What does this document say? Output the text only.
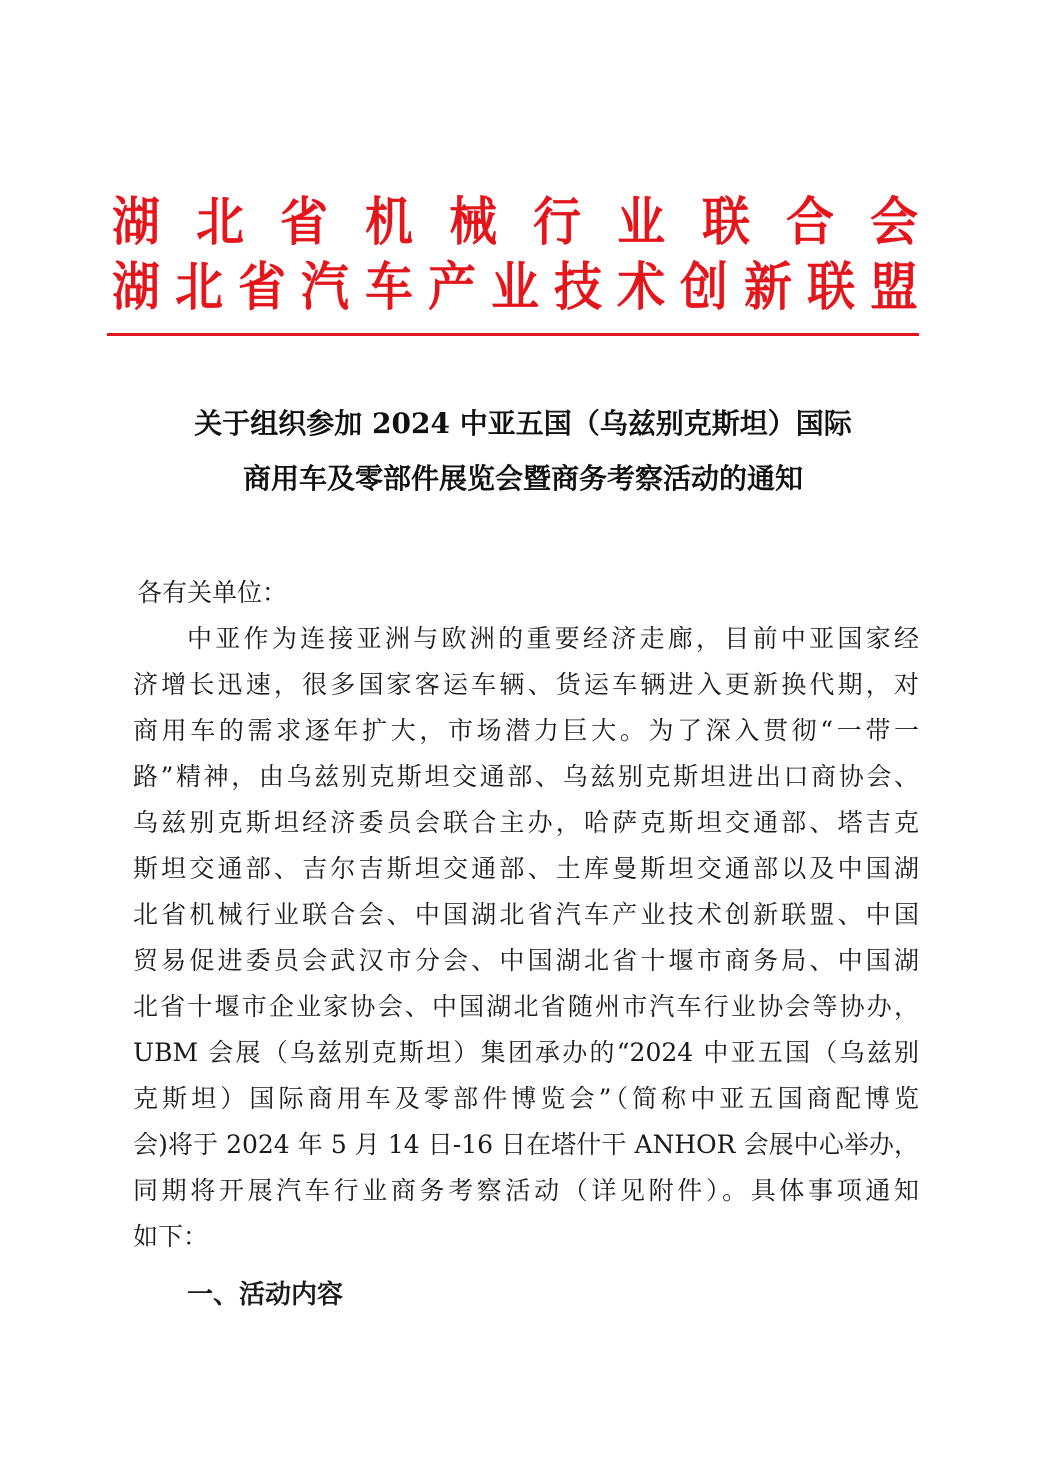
湖 北 省 机 械 行 业 联 合 会
湖 北 省 汽 车 产 业 技 术 创 新 联 盟
关于组织参加 2024 中亚五国（乌兹别克斯坦）国际
商用车及零部件展览会暨商务考察活动的通知
各有关单位：
中亚作为连接亚洲与欧洲的重要经济走廊，目前中亚国家经
济增长迅速，很多国家客运车辆、货运车辆进入更新换代期，对
商用车的需求逐年扩大，市场潜力巨大。为了深入贯彻“一带一
路”精神，由乌兹别克斯坦交通部、乌兹别克斯坦进出口商协会、
乌兹别克斯坦经济委员会联合主办，哈萨克斯坦交通部、塔吉克
斯坦交通部、吉尔吉斯坦交通部、土库曼斯坦交通部以及中国湖
北省机械行业联合会、中国湖北省汽车产业技术创新联盟、中国
贸易促进委员会武汉市分会、中国湖北省十堰市商务局、中国湖
北省十堰市企业家协会、中国湖北省随州市汽车行业协会等协办，
UBM 会展（乌兹别克斯坦）集团承办的“2024 中亚五国（乌兹别
克斯坦）国际商用车及零部件博览会”（简称中亚五国商配博览
会)将于 2024 年 5 月 14 日-16 日在塔什干 ANHOR 会展中心举办，
同期将开展汽车行业商务考察活动（详见附件）。具体事项通知
如下：
一、活动内容
